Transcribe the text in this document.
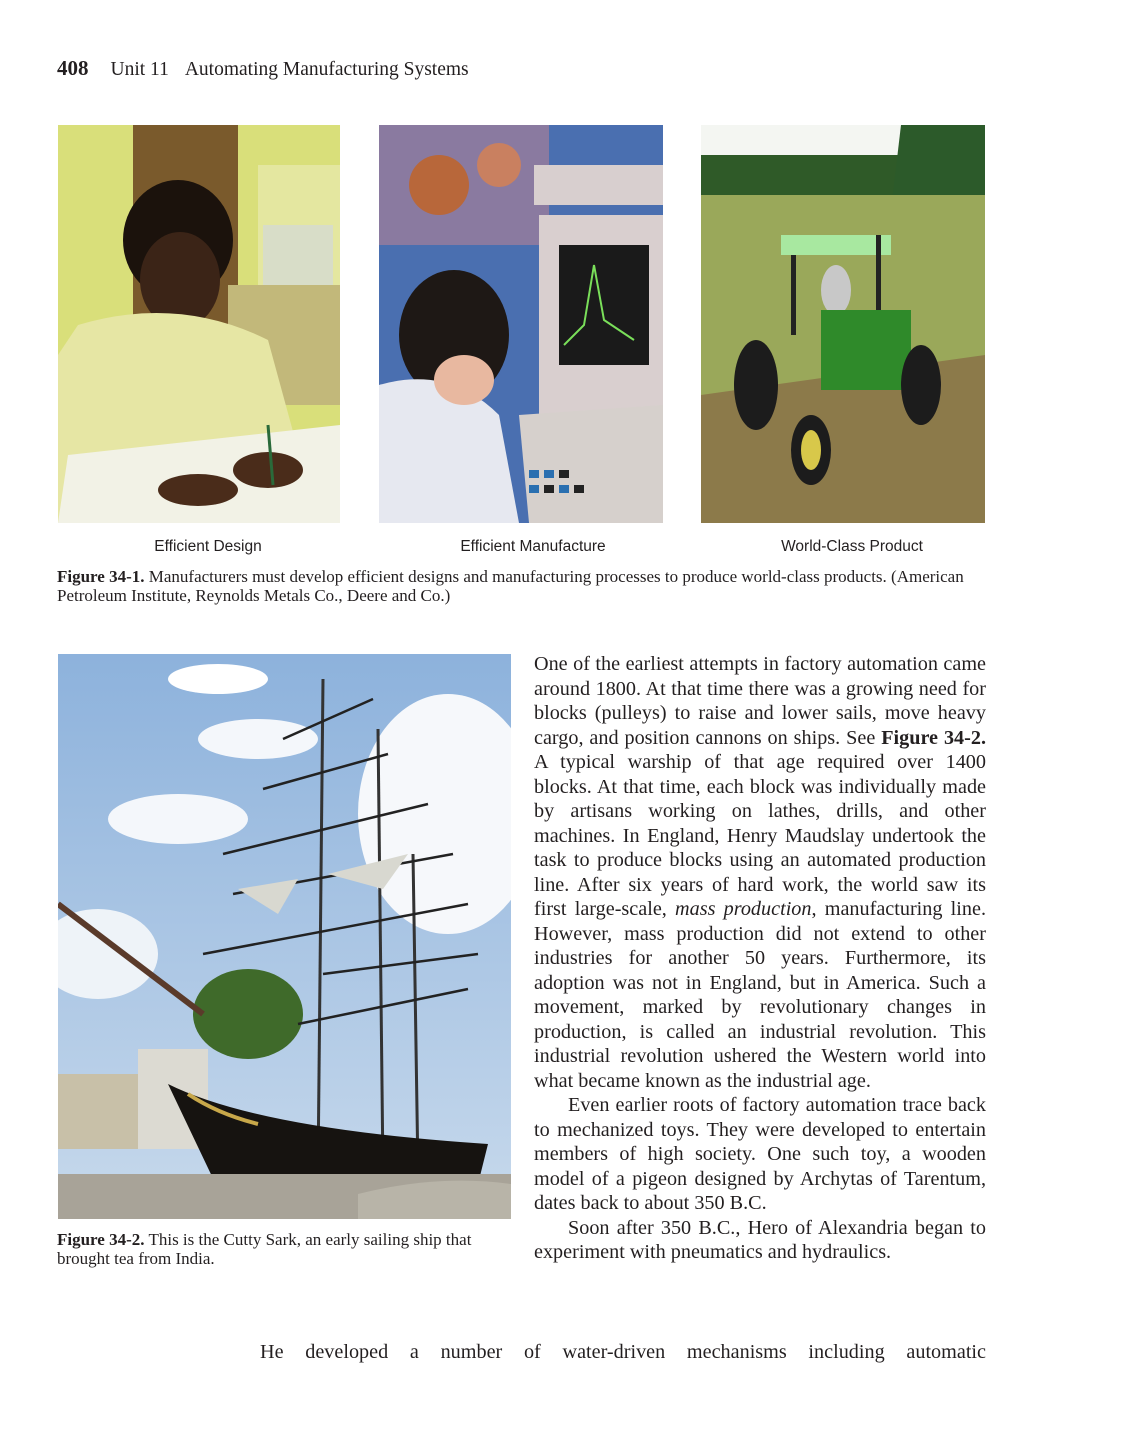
408 Unit 11 Automating Manufacturing Systems
Efficient Design	Efficient Manufacture	World-Class Product
Figure 34-1. Manufacturers must develop efficient designs and manufacturing processes to produce world-class products. (American Petroleum Institute, Reynolds Metals Co., Deere and Co.)
Figure 34-2. This is the Cutty Sark, an early sailing ship that brought tea from India.

One of the earliest attempts in factory automation came around 1800. At that time there was a growing need for blocks (pulleys) to raise and lower sails, move heavy cargo, and position cannons on ships. See Figure 34-2. A typical warship of that age required over 1400 blocks. At that time, each block was individually made by artisans working on lathes, drills, and other machines. In England, Henry Maudslay undertook the task to produce blocks using an automated production line. After six years of hard work, the world saw its first large-scale, mass production, manufacturing line. However, mass production did not extend to other industries for another 50 years. Furthermore, its adoption was not in England, but in America. Such a movement, marked by revolutionary changes in production, is called an industrial revolution. This industrial revolution ushered the Western world into what became known as the industrial age.

Even earlier roots of factory automation trace back to mechanized toys. They were developed to entertain members of high society. One such toy, a wooden model of a pigeon designed by Archytas of Tarentum, dates back to about 350 B.C.

Soon after 350 B.C., Hero of Alexandria began to experiment with pneumatics and hydraulics.

He developed a number of water-driven mechanisms including automatic
